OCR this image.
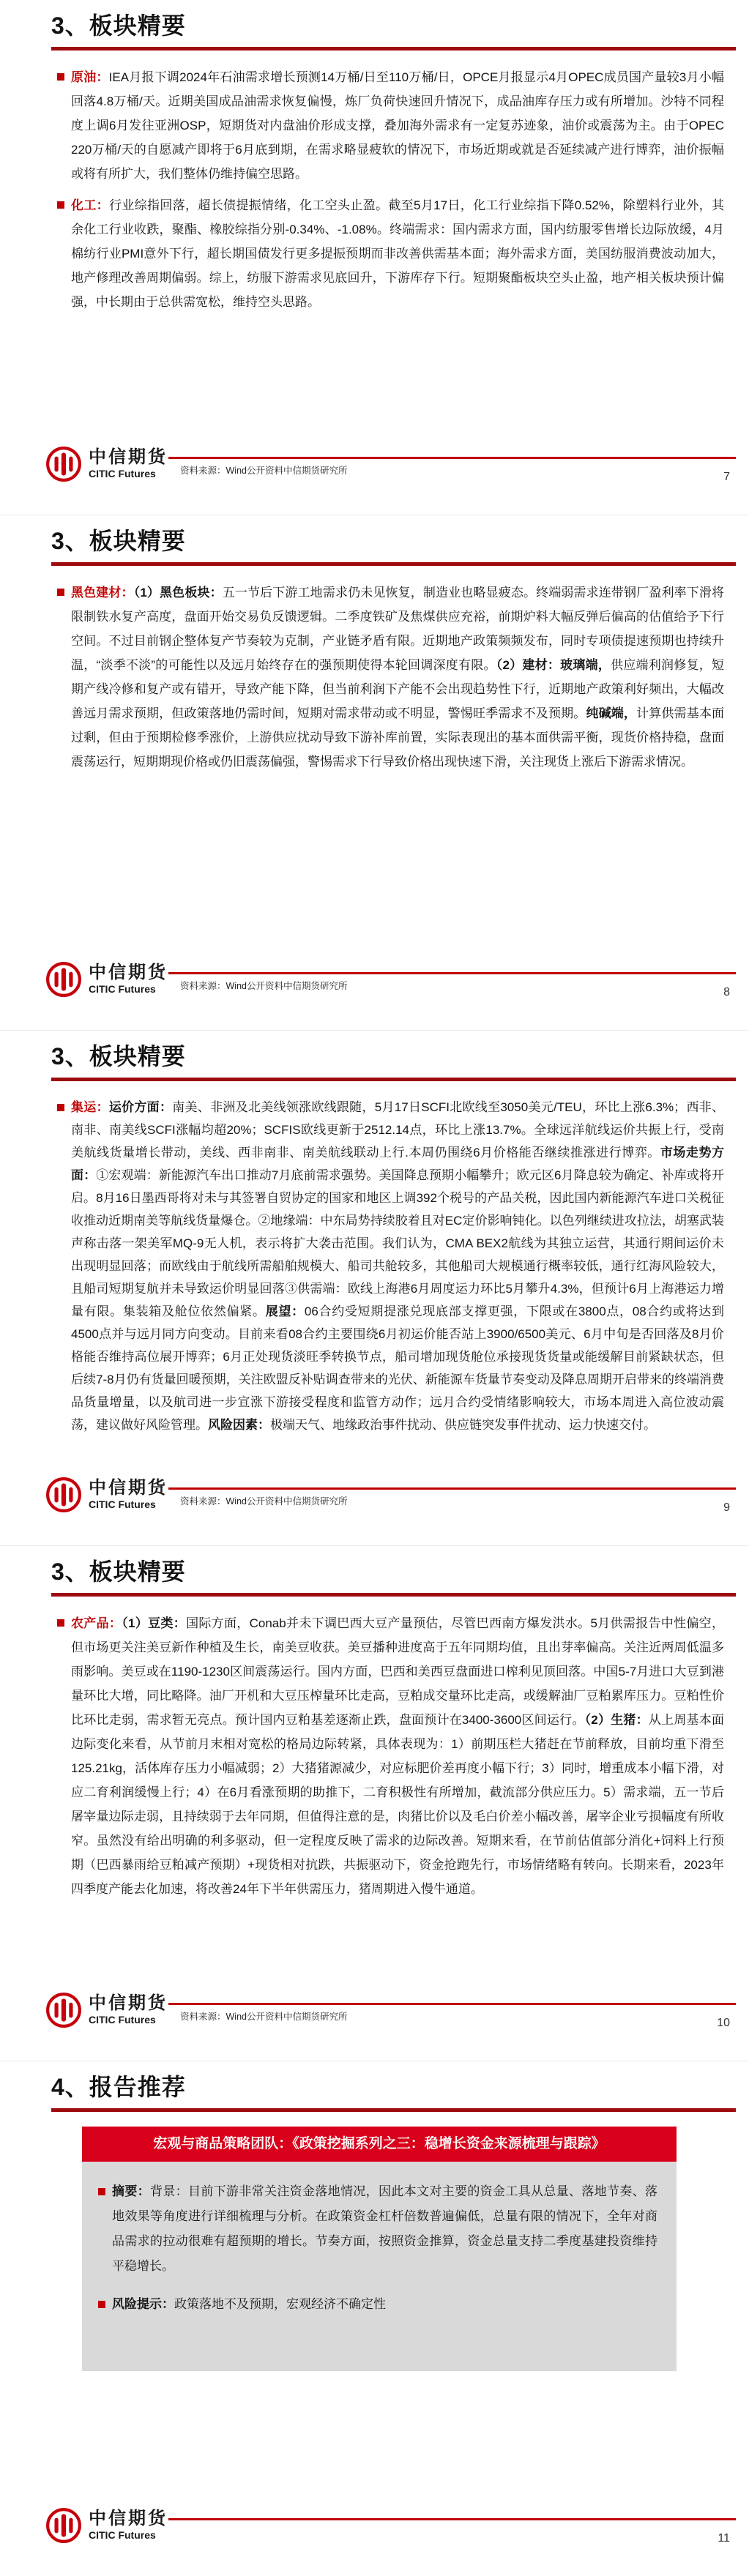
3、板块精要

原油：IEA月报下调2024年石油需求增长预测14万桶/日至110万桶/日，OPCE月报显示4月OPEC成员国产量较3月小幅回落4.8万桶/天。近期美国成品油需求恢复偏慢，炼厂负荷快速回升情况下，成品油库存压力或有所增加。沙特不同程度上调6月发往亚洲OSP，短期货对内盘油价形成支撑，叠加海外需求有一定复苏迹象，油价或震荡为主。由于OPEC 220万桶/天的自愿减产即将于6月底到期，在需求略显疲软的情况下，市场近期或就是否延续减产进行博弈，油价振幅或将有所扩大，我们整体仍维持偏空思路。

化工：行业综指回落，超长债提振情绪，化工空头止盈。截至5月17日，化工行业综指下降0.52%，除塑料行业外，其余化工行业收跌，聚酯、橡胶综指分别-0.34%、-1.08%。终端需求：国内需求方面，国内纺服零售增长边际放缓，4月棉纺行业PMI意外下行，超长期国债发行更多提振预期而非改善供需基本面；海外需求方面，美国纺服消费波动加大，地产修理改善周期偏弱。综上，纺服下游需求见底回升，下游库存下行。短期聚酯板块空头止盈，地产相关板块预计偏强，中长期由于总供需宽松，维持空头思路。

中信期货
CITIC Futures	资料来源：Wind公开资料中信期货研究所	7
3、板块精要

黑色建材：（1）黑色板块：五一节后下游工地需求仍未见恢复，制造业也略显疲态。终端弱需求连带钢厂盈利率下滑将限制铁水复产高度，盘面开始交易负反馈逻辑。二季度铁矿及焦煤供应充裕，前期炉料大幅反弹后偏高的估值给予下行空间。不过目前钢企整体复产节奏较为克制，产业链矛盾有限。近期地产政策频频发布，同时专项债提速预期也持续升温，“淡季不淡”的可能性以及远月始终存在的强预期使得本轮回调深度有限。（2）建材：玻璃端，供应端利润修复，短期产线冷修和复产或有错开，导致产能下降，但当前利润下产能不会出现趋势性下行，近期地产政策利好频出，大幅改善远月需求预期，但政策落地仍需时间，短期对需求带动或不明显，警惕旺季需求不及预期。纯碱端，计算供需基本面过剩，但由于预期检修季涨价，上游供应扰动导致下游补库前置，实际表现出的基本面供需平衡，现货价格持稳，盘面震荡运行，短期期现价格或仍旧震荡偏强，警惕需求下行导致价格出现快速下滑，关注现货上涨后下游需求情况。

中信期货
CITIC Futures	资料来源：Wind公开资料中信期货研究所	8
3、板块精要

集运：运价方面：南美、非洲及北美线领涨欧线跟随，5月17日SCFI北欧线至3050美元/TEU，环比上涨6.3%；西非、南非、南美线SCFI涨幅均超20%；SCFIS欧线更新于2512.14点，环比上涨13.7%。全球远洋航线运价共振上行，受南美航线货量增长带动，美线、西非南非、南美航线联动上行.本周仍围绕6月价格能否继续推涨进行博弈。市场走势方面：①宏观端：新能源汽车出口推动7月底前需求强势。美国降息预期小幅攀升；欧元区6月降息较为确定、补库或将开启。8月16日墨西哥将对未与其签署自贸协定的国家和地区上调392个税号的产品关税，因此国内新能源汽车进口关税征收推动近期南美等航线货量爆仓。②地缘端：中东局势持续胶着且对EC定价影响钝化。以色列继续进攻拉法，胡塞武装声称击落一架美军MQ-9无人机，表示将扩大袭击范围。我们认为，CMA BEX2航线为其独立运营，其通行期间运价未出现明显回落；而欧线由于航线所需船舶规模大、船司共舱较多，其他船司大规模通行概率较低，通行红海风险较大，且船司短期复航并未导致运价明显回落③供需端：欧线上海港6月周度运力环比5月攀升4.3%，但预计6月上海港运力增量有限。集装箱及舱位依然偏紧。展望：06合约受短期提涨兑现底部支撑更强，下限或在3800点，08合约或将达到4500点并与远月同方向变动。目前来看08合约主要围绕6月初运价能否站上3900/6500美元、6月中旬是否回落及8月价格能否维持高位展开博弈；6月正处现货淡旺季转换节点，船司增加现货舱位承接现货货量或能缓解目前紧缺状态，但后续7-8月仍有货量回暖预期，关注欧盟反补贴调查带来的光伏、新能源车货量节奏变动及降息周期开启带来的终端消费品货量增量，以及航司进一步宣涨下游接受程度和监管方动作；远月合约受情绪影响较大，市场本周进入高位波动震荡，建议做好风险管理。风险因素：极端天气、地缘政治事件扰动、供应链突发事件扰动、运力快速交付。

中信期货
CITIC Futures	资料来源：Wind公开资料中信期货研究所	9
3、板块精要

农产品：（1）豆类：国际方面，Conab并未下调巴西大豆产量预估，尽管巴西南方爆发洪水。5月供需报告中性偏空，但市场更关注美豆新作种植及生长，南美豆收获。美豆播种进度高于五年同期均值，且出芽率偏高。关注近两周低温多雨影响。美豆或在1190-1230区间震荡运行。国内方面，巴西和美西豆盘面进口榨利见顶回落。中国5-7月进口大豆到港量环比大增，同比略降。油厂开机和大豆压榨量环比走高，豆粕成交量环比走高，或缓解油厂豆粕累库压力。豆粕性价比环比走弱，需求暂无亮点。预计国内豆粕基差逐渐止跌，盘面预计在3400-3600区间运行。（2）生猪：从上周基本面边际变化来看，从节前月末相对宽松的格局边际转紧，具体表现为：1）前期压栏大猪赶在节前释放，目前均重下滑至125.21kg，活体库存压力小幅减弱；2）大猪猪源减少，对应标肥价差再度小幅下行；3）同时，增重成本小幅下滑，对应二育利润缓慢上行；4）在6月看涨预期的助推下，二育积极性有所增加，截流部分供应压力。5）需求端，五一节后屠宰量边际走弱，且持续弱于去年同期，但值得注意的是，肉猪比价以及毛白价差小幅改善，屠宰企业亏损幅度有所收窄。虽然没有给出明确的利多驱动，但一定程度反映了需求的边际改善。短期来看，在节前估值部分消化+饲料上行预期（巴西暴雨给豆粕减产预期）+现货相对抗跌，共振驱动下，资金抢跑先行，市场情绪略有转向。长期来看，2023年四季度产能去化加速，将改善24年下半年供需压力，猪周期进入慢牛通道。

中信期货
CITIC Futures	资料来源：Wind公开资料中信期货研究所	10
4、报告推荐
宏观与商品策略团队：《政策挖掘系列之三：稳增长资金来源梳理与跟踪》

摘要：背景：目前下游非常关注资金落地情况，因此本文对主要的资金工具从总量、落地节奏、落地效果等角度进行详细梳理与分析。在政策资金杠杆倍数普遍偏低，总量有限的情况下，全年对商品需求的拉动很难有超预期的增长。节奏方面，按照资金推算，资金总量支持二季度基建投资维持平稳增长。

风险提示：政策落地不及预期，宏观经济不确定性

中信期货
CITIC Futures	11
